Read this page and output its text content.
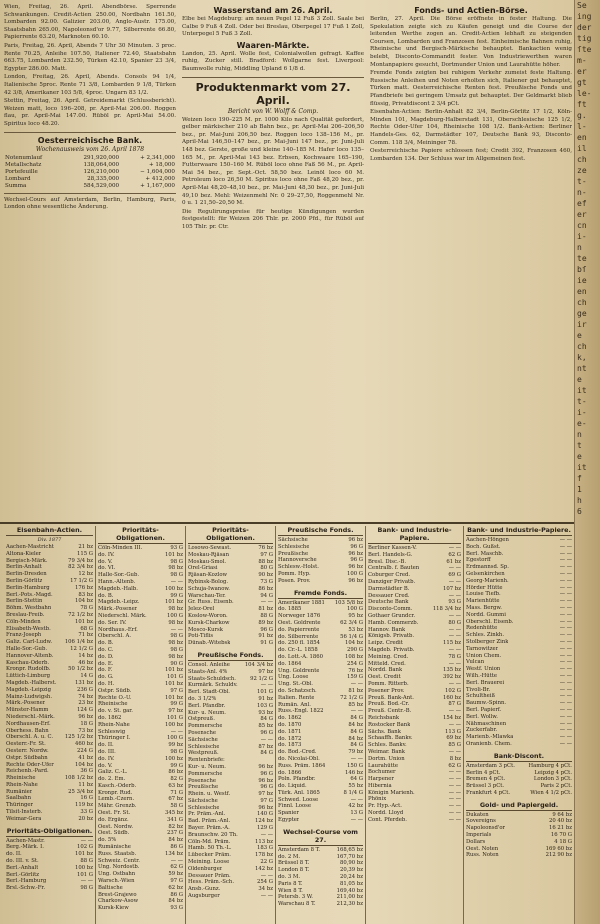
Wien, Freitag, 26. April. Abendbörse. Sperrende Schwankungen. Credit-Actien 250.00, Nordbahn 161.50, Lombarden 92.00. Galizier 203.00, Anglo-Austr. 175.00, Staatsbahn 265.00, Napoleonsd'or 9.77, Silberrente 66.80, Papierrente 63.20, Marknoten 60.10.

Paris, Freitag, 26. April, Abends 7 Uhr 30 Minuten. 3 proc. Rente 70.25, Anleihe 107.50, Italiener 72.40, Staatsbahn 663.75, Lombarden 232.50, Türken 42.10, Spanier 23 3/4, Egypter 286.00. Matt.

London, Freitag, 26. April, Abends. Consols 94 1/4, Italienische 5proc. Rente 71 3/8, Lombarden 9 1/8, Türken 42 3/8, Amerikaner 103 5/8, 4proc. Ungarn 83 1/2.

Stettin, Freitag, 26. April. Getreidemarkt (Schlussbericht). Weizen matt, loco 196–208, pr. April-Mai 206.00. Roggen flau, pr. April-Mai 147.00. Rüböl pr. April-Mai 54.00. Spiritus loco 48.20.

Oesterreichische Bank.
Wochenausweis vom 26. April 1878
Notenumlauf	291,920,000	+ 2,341,000
Metallschatz	138,064,000	+ 18,000
Portefeuille	126,210,000	− 1,604,000
Lombard	28,335,000	+ 412,000
Summa	584,529,000	+ 1,167,000

Wechsel-Cours auf Amsterdam, Berlin, Hamburg, Paris, London ohne wesentliche Änderung.

Wasserstand am 26. April.

Elbe bei Magdeburg: am neuen Pegel 12 Fuß 3 Zoll. Saale bei Calbe 9 Fuß 4 Zoll. Oder bei Breslau, Oberpegel 17 Fuß 1 Zoll, Unterpegel 5 Fuß 3 Zoll.

Waaren-Märkte.

Landon, 25. April. Wolle fest, Colonialwollen gefragt. Kaffee ruhig, Zucker still. Bradford: Wollgarne fest. Liverpool: Baumwolle ruhig, Middling Upland 6 1/8 d.

Produktenmarkt vom 27. April.
Bericht von W. Wolff & Comp.

Weizen loco 190–225 M. pr. 1000 Kilo nach Qualität gefordert, gelber märkischer 210 ab Bahn bez., pr. April-Mai 206–206,50 bez., pr. Mai-Juni 206,50 bez. Roggen loco 138–156 M., pr. April-Mai 146,50–147 bez., pr. Mai-Juni 147 bez., pr. Juni-Juli 148 bez. Gerste, große und kleine 140–185 M. Hafer loco 135–165 M., pr. April-Mai 143 bez. Erbsen, Kochwaare 165–190, Futterwaare 150–160 M. Rüböl loco ohne Faß 56 M., pr. April-Mai 54 bez., pr. Sept.-Oct. 58,50 bez. Leinöl loco 60 M. Petroleum loco 26,50 M. Spiritus loco ohne Faß 48,20 bez., pr. April-Mai 48,20–48,10 bez., pr. Mai-Juni 48,30 bez., pr. Juni-Juli 49,10 bez. Mehl: Weizenmehl Nr. 0 29–27,50, Roggenmehl Nr. 0 u. 1 21,50–20,50 M.

Die Regulirungspreise für heutige Kündigungen wurden festgestellt: für Weizen 206 Thlr. pr. 2000 Pfd., für Rüböl auf 105 Thlr. pr. Ctr.

Fonds- und Actien-Börse.

Berlin, 27. April. Die Börse eröffnete in fester Haltung. Die Spekulation zeigte sich zu Käufen geneigt und die Course der leitenden Werthe zogen an. Credit-Actien lebhaft zu steigenden Coursen, Lombarden und Franzosen fest. Einheimische Bahnen ruhig, Rheinische und Bergisch-Märkische behauptet. Bankactien wenig belebt, Disconto-Commandit fester. Von Industriewerthen waren Montanpapiere gesucht, Dortmunder Union und Laurahütte höher.

Fremde Fonds zeigten bei ruhigem Verkehr zumeist feste Haltung. Russische Anleihen und Noten erholten sich, Italiener gut behauptet, Türken matt. Oesterreichische Renten fest. Preußische Fonds und Pfandbriefe bei geringem Umsatz gut behauptet. Der Geldmarkt blieb flüssig, Privatdiscont 2 3/4 pCt.

Eisenbahn-Actien: Berlin-Anhalt 82 3/4, Berlin-Görlitz 17 1/2, Köln-Minden 101, Magdeburg-Halberstadt 131, Oberschlesische 125 1/2, Rechte Oder-Ufer 104, Rheinische 108 1/2. Bank-Actien: Berliner Handels-Ges. 62, Darmstädter 107, Deutsche Bank 93, Disconto-Comm. 118 3/4, Meininger 78.

Oesterreichische Papiere schlossen fest; Credit 392, Franzosen 460, Lombarden 134. Der Schluss war im Allgemeinen fest.

Eisenbahn-Actien.
Div. 1877
Aachen-Mastricht	21 bz
Altona-Kieler	115 G
Bergisch-Märk.	79 3/4 bz
Berlin-Anhalt	82 3/4 bz
Berlin-Dresden	12 bz
Berlin-Görlitz	17 1/2 G
Berlin-Hamburg	176 bz
Berl.-Pots.-Magd.	83 bz
Berlin-Stettin	104 bz
Böhm. Westbahn	78 G
Breslau-Freib.	72 1/2 bz
Cöln-Minden	101 bz
Elisabeth-Westb.	68 G
Franz-Joseph	71 bz
Galiz. Carl-Ludw. 106 1/4 bz
Halle-Sor.-Gub.	12 1/2 G
Hannover-Altenb.	14 bz
Kaschau-Oderb.	46 bz
Kronpr. Rudolfb.	50 1/2 bz
Lüttich-Limburg	14 G
Magdeb.-Halberst.	131 bz
Magdeb.-Leipzig	236 G
Mainz-Ludwigsh.	74 bz
Märk.-Posener	23 bz
Münster-Hamm	124 G
Niederschl.-Märk.	96 bz
Nordhausen-Erf.	18 G
Oberhess. Bahn	73 bz
Oberschl. A. u. C. 125 1/2 bz
Oesterr.-Fr. St.	460 bz
Oesterr. Nordw.	224 G
Ostpr. Südbahn	41 bz
Rechte Oder-Ufer	104 bz
Reichenb.-Pard.	36 G
Rheinische	108 1/2 bz
Rhein-Nahe	11 bz
Rumänier	25 3/4 bz
Saalbahn	16 G
Thüringer	119 bz
Tilsit-Insterb.	33 G
Weimar-Gera	20 bz
Prioritäts-Obligationen.
Aachen-Mastr.	— —
Berg.-Märk. I.	102 G
do. II.	101 bz
do. III. v. St.	88 G
Berl.-Anhalt	100 bz
Berl.-Görlitz	101 G
Berl.-Hamburg	— —
Brsl.-Schw.-Fr.	98 G
Prioritäts-Obligationen.
Cöln-Minden III.	93 G
do. IV.	101 bz
do. V.	98 G
do. VI.	98 bz
Halle-Sor.-Gub.	98 G
Hann.-Altenb.	— —
Magdeb.-Halb.	100 bz
do. B.	99 G
Magdeb.-Leipz.	101 bz
Märk.-Posener	98 bz
Niederschl. Märk.	100 G
do. Ser. IV.	98 bz
Nordhaus.-Erf.	— —
Oberschl. A.	98 G
do. B.	98 bz
do. C.	98 G
do. D.	98 bz
do. E.	90 G
do. F.	101 bz
do. G.	101 G
do. H.	101 bz
Ostpr. Südb.	97 G
Rechte O.-U.	101 bz
Rheinische	99 G
do. v. St. gar.	97 bz
do. 1862	101 G
Rhein-Nahe	100 bz
Schleswig	— —
Thüringer I.	100 G
do. II.	99 bz
do. III.	98 G
do. IV.	100 bz
do. V.	99 G
Galiz. C.-L.	86 bz
do. 2. Em.	82 G
Kasch.-Oderb.	63 bz
Kronpr. Rud.	71 G
Lemb.-Czern.	67 bz
Mähr. Grenzb.	58 G
Oest. Fr. St.	345 bz
do. Ergänz.	341 G
Oest. Nordw.	82 bz
Oest. Südb.	237 G
do. 5%	84 bz
Rumänische	86 G
Russ. Staatsb.	134 bz
Schweiz. Centr.	— —
Ung. Nordostb.	62 G
Ung. Ostbahn	59 bz
Warsch.-Wien	97 G
Baltische	62 bz
Brest-Grajewo	86 G
Charkow-Asow	84 bz
Kursk-Kiew	93 G
Prioritäts-Obligationen.
Losowo-Sewast.	76 bz
Moskau-Rjäsan	97 G
Moskau-Smol.	88 bz
Orel-Griasi	80 G
Rjäsan-Kozlow	90 bz
Rybinsk-Bolog.	73 G
Schuja-Iwanow.	86 bz
Warschau-Ter.	94 G
Gr. Russ. Eisenb.	— —
Jelez-Orel	81 bz
Koslow-Woron.	88 G
Kursk-Charkow	89 bz
Mosco-Kursk	96 G
Poti-Tiflis	91 bz
Dünab.-Witebsk	91 G
Preußische Fonds.
Consol. Anleihe	104 3/4 bz
Staats-Anl. 4%	97 bz
Staats-Schuldsch.	92 1/2 G
Kurmärk. Schuldv.	— —
Berl. Stadt-Obl.	101 G
do. 3 1/2%	91 bz
Berl. Pfandbr.	103 G
Kur- u. Neum.	93 bz
Ostpreuß.	84 G
Pommersche	85 bz
Posensche	96 G
Sächsische	— —
Schlesische	87 bz
Westpreuß.	84 G
Rentenbriefe:
Kur- u. Neum.	96 bz
Pommersche	96 G
Posensche	96 bz
Preußische	96 G
Rhein. u. Westf.	97 bz
Sächsische	97 G
Schlesische	96 bz
Pr. Präm.-Anl.	140 G
Bad. Präm.-Anl.	124 bz
Bayer. Präm.-A.	129 G
Braunschw. 20 Th.	— —
Cöln-Md. Präm.	113 bz
Hamb. 50 Th.-L.	183 G
Lübecker Präm.	178 bz
Meining. Loose	22 G
Oldenburger	142 bz
Dessauer Präm.	— —
Hess. Präm.-Sch.	254 G
Ansb.-Gunz.	34 bz
Augsburger	— —
Preußische Fonds.
Sächsische	96 bz
Schlesische	96 G
Preußische	96 bz
Hannoversche	96 G
Schlesw.-Holst.	96 bz
Pomm. Hyp.	100 G
Posen. Prov.	96 bz
Fremde Fonds.
Amerikaner 1881 103 5/8 bz
do. 1885	100 G
Norweger 1876	95 bz
Oest. Goldrente	62 3/4 G
do. Papierrente	53 bz
do. Silberrente	56 1/4 G
do. 250 fl. 1854	104 bz
do. Cr.-L. 1858	290 G
do. Lott.-A. 1860	108 bz
do. 1864	254 G
Ung. Goldrente	76 bz
Ung. Loose	159 G
Ung. St.-Obl.	— —
do. Schatzsch.	81 bz
Italien. Rente	72 1/2 G
Rumän. Anl.	85 bz
Russ.-Engl. 1822	— —
do. 1862	84 G
do. 1870	84 bz
do. 1871	84 G
do. 1872	84 bz
do. 1873	84 G
do. Bod.-Cred.	79 bz
do. Nicolai-Obl.	— —
Russ. Präm. 1864	150 G
do. 1866	146 bz
Poln. Pfandbr.	64 G
do. Liquid.	55 bz
Türk. Anl. 1865	8 1/4 G
Schwed. Loose	— —
Finnl. Loose	42 bz
Spanier	13 G
Egypter	— —
Wechsel-Course vom 27.
Amsterdam 8 T.	168,65 bz
do. 2 M.	167,70 bz
Brüssel 8 T.	80,90 bz
London 8 T.	20,39 bz
do. 3 M.	20,24 bz
Paris 8 T.	81,05 bz
Wien 8 T.	169,40 bz
Petersb. 3 W.	211,00 bz
Warschau 8 T.	212,30 bz
Bank- und Industrie-Papiere.
Berliner Kassen-V.	— —
Berl. Handels-G.	62 G
Bresl. Disc.-B.	61 bz
Centralb. f. Bauten	— —
Coburger Cred.	69 G
Danziger Privatb.	— —
Darmstädter B.	107 bz
Dessauer Cred.	— —
Deutsche Bank	93 G
Disconto-Comm.	118 3/4 bz
Gothaer Grundcr.	— —
Hamb. Commerzb.	80 G
Hannov. Bank	— —
Königsb. Privatb.	— —
Leipz. Credit	115 bz
Magdeb. Privatb.	— —
Meining. Cred.	78 G
Mitteld. Cred.	— —
Nordd. Bank	135 bz
Oest. Credit	392 bz
Pomm. Ritterb.	— —
Posener Prov.	102 G
Preuß. Bank-Ant.	160 bz
Preuß. Bod.-Cr.	87 G
Preuß. Centr.-B.	— —
Reichsbank	154 bz
Rostocker Bank	— —
Sächs. Bank	113 G
Schaaffh. Bankv.	69 bz
Schles. Bankv.	85 G
Weimar. Bank	— —
Dortm. Union	8 bz
Laurahütte	62 G
Bochumer	— —
Harpener	— —
Hibernia	— —
Königin Marienh.	— —
Phönix	— —
Pr. Hyp.-Act.	— —
Nordd. Lloyd	— —
Cont. Pferdeb.	— —
Bank- und Industrie-Papiere.
Aachen-Höngen	— —
Boch. Gußst.	— —
Berl. Maschb.	— —
Egestorff	— —
Erdmannsd. Sp.	— —
Gelsenkirchen	— —
Georg-Marienh.	— —
Hörder Hütte	— —
Louise Tiefb.	— —
Marienhütte	— —
Mass. Bergw.	— —
Nordd. Gummi	— —
Oberschl. Eisenb.	— —
Redenhütte	— —
Schles. Zinkh.	— —
Stolberger Zink	— —
Tarnowitzer	— —
Union Chem.	— —
Vulcan	— —
Westf. Union	— —
Wilh.-Hütte	— —
Berl. Brauerei	— —
Tivoli-Br.	— —
Schultheiß	— —
Baumw.-Spinn.	— —
Berl. Papierf.	— —
Berl. Wollw.	— —
Nähmaschinen	— —
Zuckerfabr.	— —
Marienb.-Mlawka	— —
Oranienb. Chem.	— —
Bank-Discont.
Amsterdam 3 pCt.	Hamburg 4 pCt.
Berlin 4 pCt.	Leipzig 4 pCt.
Bremen 4 pCt.	London 3 pCt.
Brüssel 3 pCt.	Paris 2 pCt.
Frankfurt 4 pCt.	Wien 4 1/2 pCt.
Gold- und Papiergeld.
Dukaten	9 64 bz
Sovereigns	20 40 bz
Napoleonsd'or	16 21 bz
Imperials	16 70 G
Dollars	4 18 G
Oest. Noten	169 60 bz
Russ. Noten	212 90 bz
Se
ing
der
tig
ſte
m-
er
gt
le-
ft
g.
l-
en
il
ch
ze
t-
n-
ef
er
cn
i-
n
te
bſ
ie
en
ch
ge
ir
e
ch
k,
nt
e
it
t-
i-
e-
n
t
e
it
f
1
h
6
